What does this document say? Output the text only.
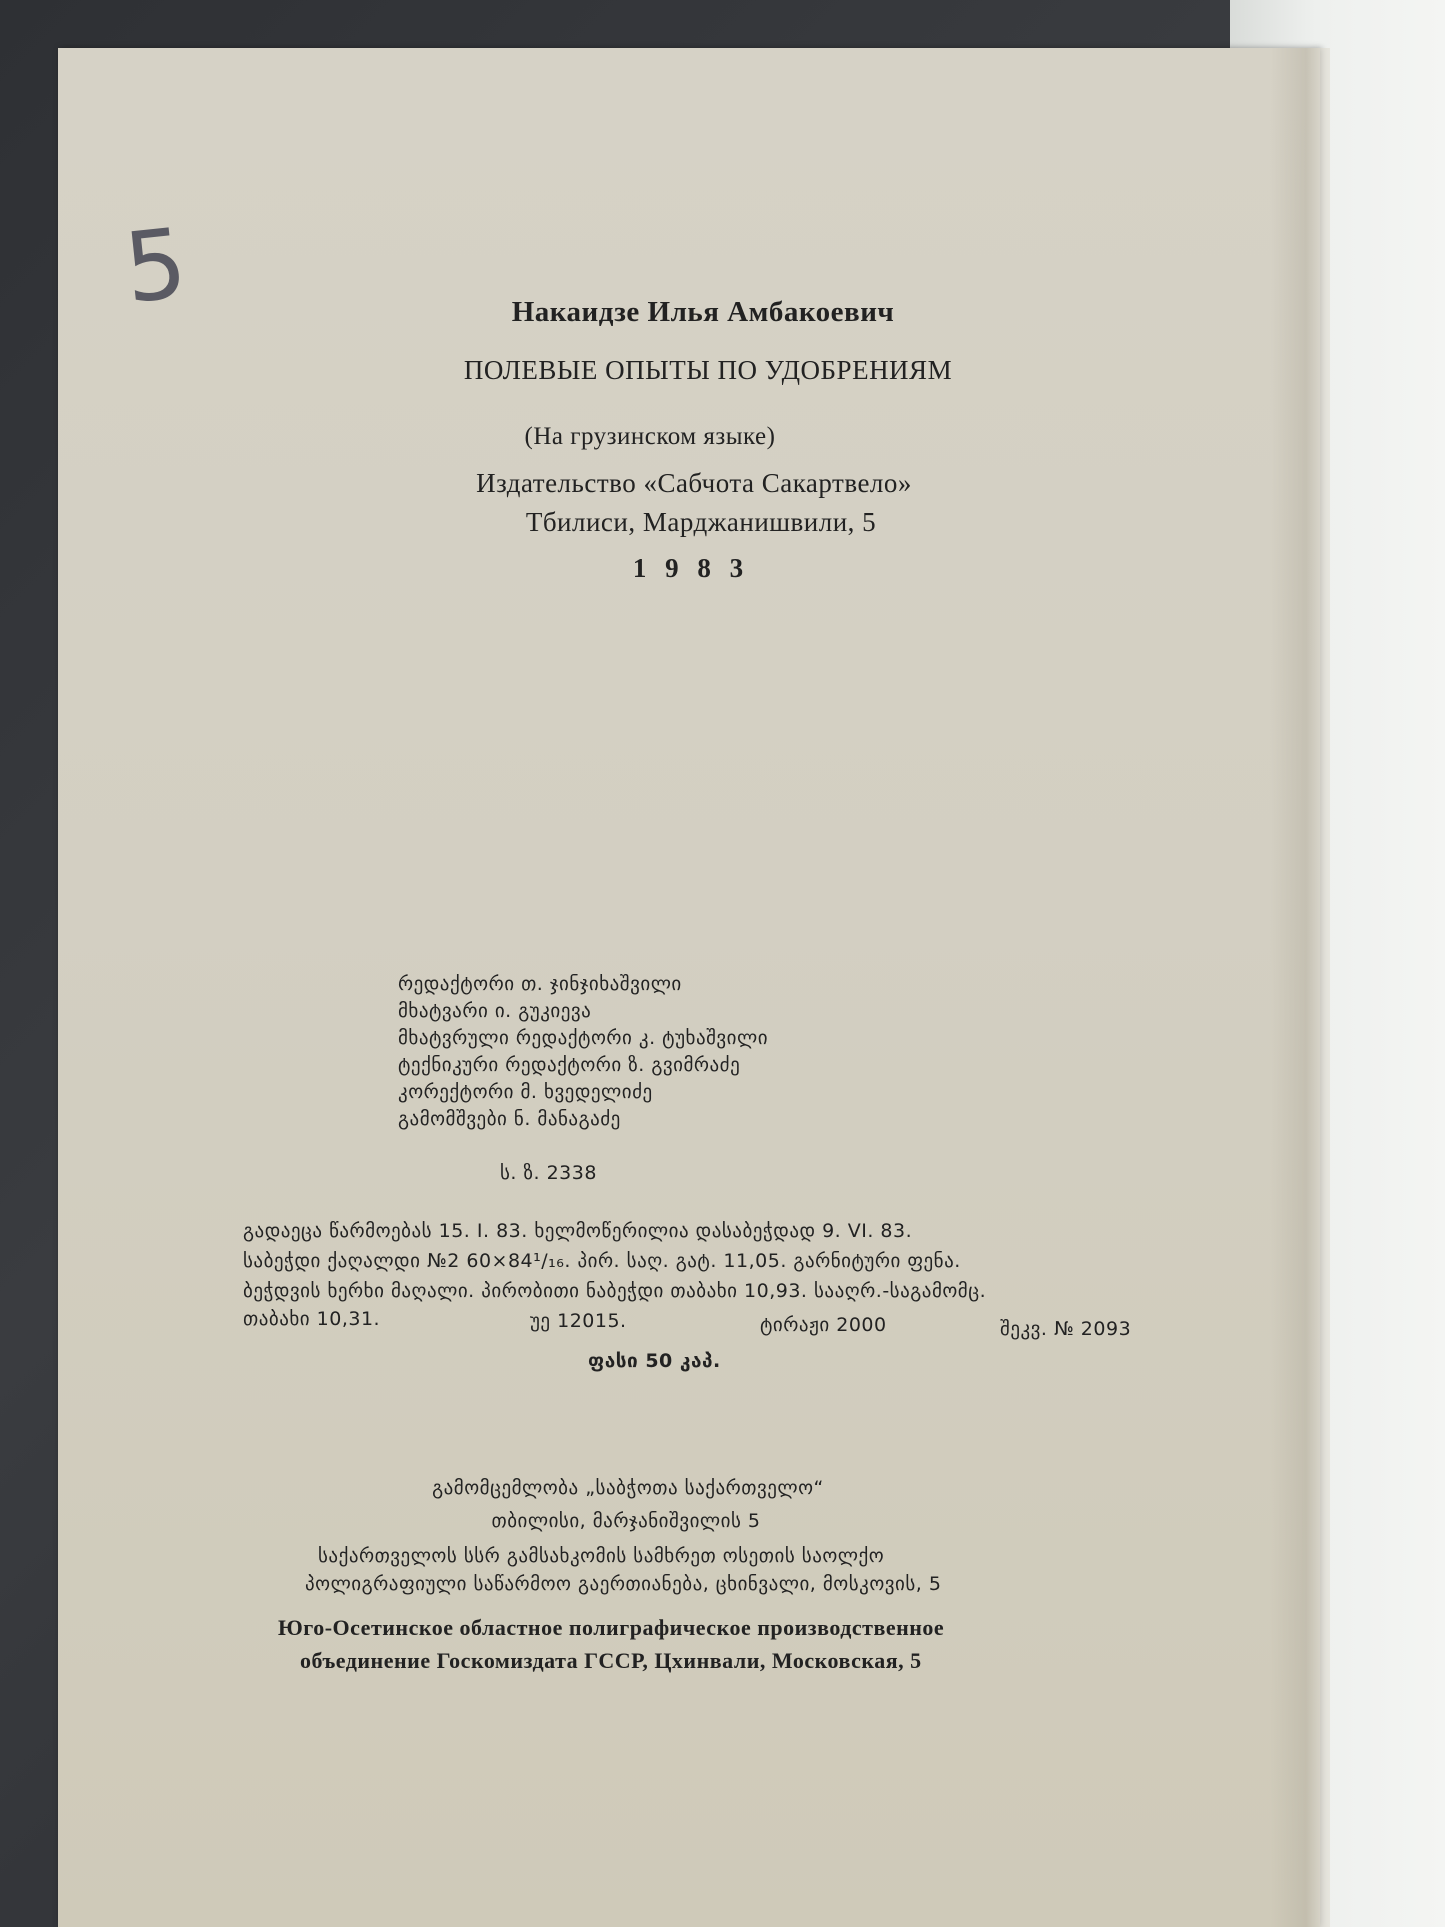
5	Накаидзе Илья Амбакоевич
ПОЛЕВЫЕ ОПЫТЫ ПО УДОБРЕНИЯМ
(На грузинском языке)
Издательство «Сабчота Сакартвело»
Тбилиси, Марджанишвили, 5
1 9 8 3
რედაქტორი თ. ჯინჯიხაშვილი
მხატვარი ი. გუკიევა
მხატვრული რედაქტორი კ. ტუხაშვილი
ტექნიკური რედაქტორი ზ. გვიმრაძე
კორექტორი მ. ხვედელიძე
გამომშვები ნ. მანაგაძე
ს. ზ. 2338
გადაეცა წარმოებას 15. I. 83. ხელმოწერილია დასაბეჭდად 9. VI. 83.
საბეჭდი ქაღალდი №2 60×84¹/₁₆. პირ. საღ. გატ. 11,05. გარნიტური ფენა.
ბეჭდვის ხერხი მაღალი. პირობითი ნაბეჭდი თაბახი 10,93. სააღრ.-საგამომც.
თაბახი 10,31.	უე 12015.	ტირაჟი 2000	შეკვ. № 2093
ფასი 50 კაპ.
გამომცემლობა „საბჭოთა საქართველო“
თბილისი, მარჯანიშვილის 5
საქართველოს სსრ გამსახკომის სამხრეთ ოსეთის საოლქო
პოლიგრაფიული საწარმოო გაერთიანება, ცხინვალი, მოსკოვის, 5
Юго-Осетинское областное полиграфическое производственное
объединение Госкомиздата ГССР, Цхинвали, Московская, 5
